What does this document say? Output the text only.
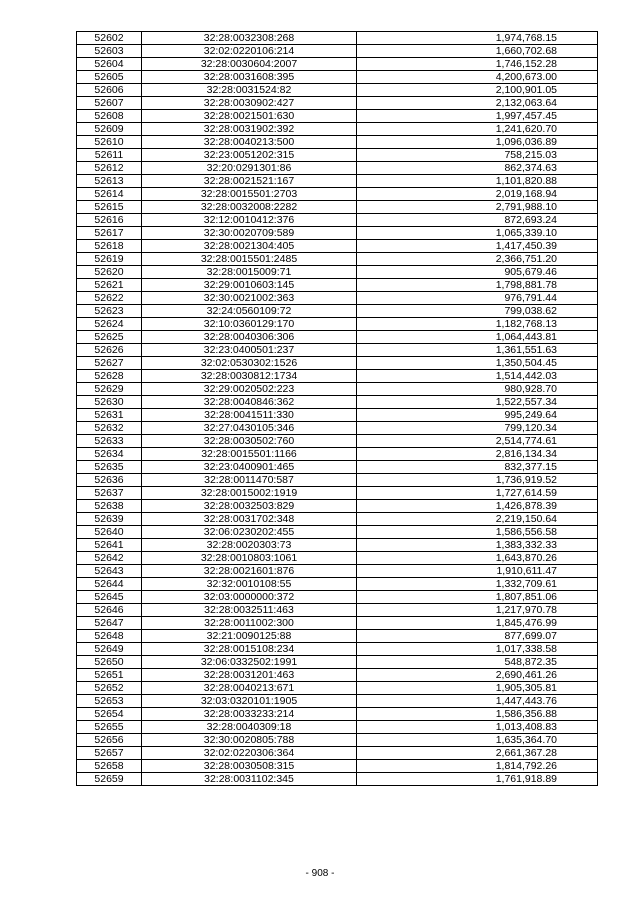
52602	32:28:0032308:268	1,974,768.15
52603	32:02:0220106:214	1,660,702.68
52604	32:28:0030604:2007	1,746,152.28
52605	32:28:0031608:395	4,200,673.00
52606	32:28:0031524:82	2,100,901.05
52607	32:28:0030902:427	2,132,063.64
52608	32:28:0021501:630	1,997,457.45
52609	32:28:0031902:392	1,241,620.70
52610	32:28:0040213:500	1,096,036.89
52611	32:23:0051202:315	758,215.03
52612	32:20:0291301:86	862,374.63
52613	32:28:0021521:167	1,101,820.88
52614	32:28:0015501:2703	2,019,168.94
52615	32:28:0032008:2282	2,791,988.10
52616	32:12:0010412:376	872,693.24
52617	32:30:0020709:589	1,065,339.10
52618	32:28:0021304:405	1,417,450.39
52619	32:28:0015501:2485	2,366,751.20
52620	32:28:0015009:71	905,679.46
52621	32:29:0010603:145	1,798,881.78
52622	32:30:0021002:363	976,791.44
52623	32:24:0560109:72	799,038.62
52624	32:10:0360129:170	1,182,768.13
52625	32:28:0040306:306	1,064,443.81
52626	32:23:0400501:237	1,361,551.63
52627	32:02:0530302:1526	1,350,504.45
52628	32:28:0030812:1734	1,514,442.03
52629	32:29:0020502:223	980,928.70
52630	32:28:0040846:362	1,522,557.34
52631	32:28:0041511:330	995,249.64
52632	32:27:0430105:346	799,120.34
52633	32:28:0030502:760	2,514,774.61
52634	32:28:0015501:1166	2,816,134.34
52635	32:23:0400901:465	832,377.15
52636	32:28:0011470:587	1,736,919.52
52637	32:28:0015002:1919	1,727,614.59
52638	32:28:0032503:829	1,426,878.39
52639	32:28:0031702:348	2,219,150.64
52640	32:06:0230202:455	1,586,556.58
52641	32:28:0020303:73	1,383,332.33
52642	32:28:0010803:1061	1,643,870.26
52643	32:28:0021601:876	1,910,611.47
52644	32:32:0010108:55	1,332,709.61
52645	32:03:0000000:372	1,807,851.06
52646	32:28:0032511:463	1,217,970.78
52647	32:28:0011002:300	1,845,476.99
52648	32:21:0090125:88	877,699.07
52649	32:28:0015108:234	1,017,338.58
52650	32:06:0332502:1991	548,872.35
52651	32:28:0031201:463	2,690,461.26
52652	32:28:0040213:671	1,905,305.81
52653	32:03:0320101:1905	1,447,443.76
52654	32:28:0033233:214	1,586,356.88
52655	32:28:0040309:18	1,013,408.83
52656	32:30:0020805:788	1,635,364.70
52657	32:02:0220306:364	2,661,367.28
52658	32:28:0030508:315	1,814,792.26
52659	32:28:0031102:345	1,761,918.89
- 908 -
